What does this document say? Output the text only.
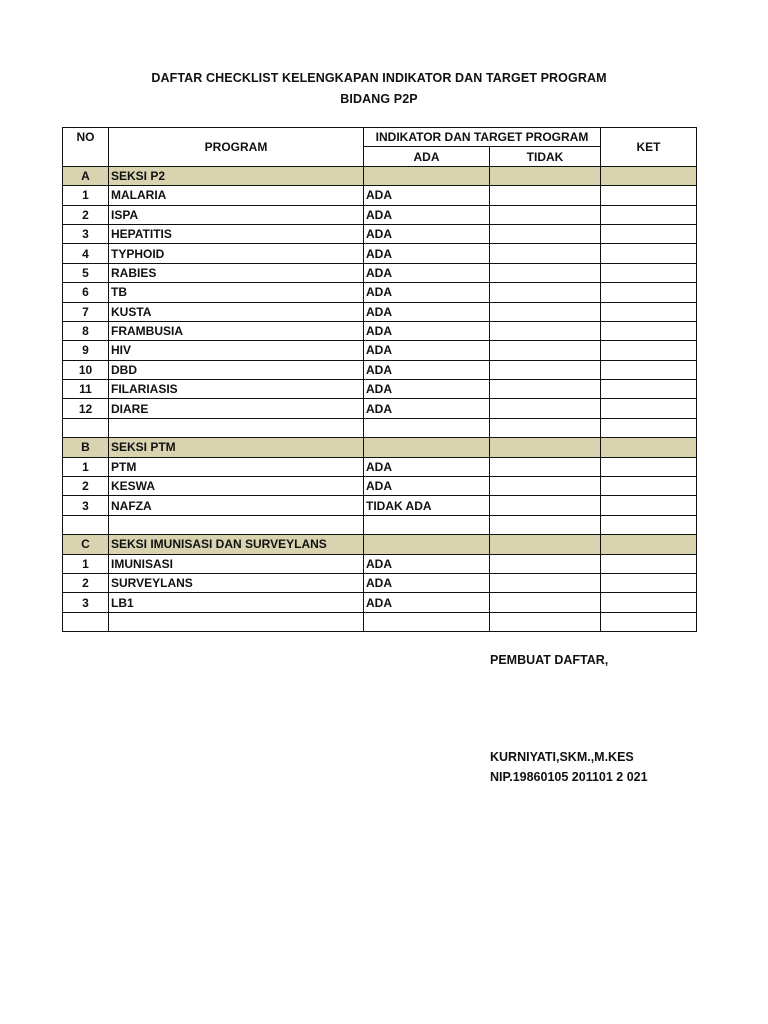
DAFTAR CHECKLIST KELENGKAPAN INDIKATOR DAN TARGET PROGRAM
BIDANG P2P
NO	PROGRAM	INDIKATOR DAN TARGET PROGRAM		KET
		ADA	TIDAK	
A	SEKSI P2			
1	MALARIA	ADA		
2	ISPA	ADA		
3	HEPATITIS	ADA		
4	TYPHOID	ADA		
5	RABIES	ADA		
6	TB	ADA		
7	KUSTA	ADA		
8	FRAMBUSIA	ADA		
9	HIV	ADA		
10	DBD	ADA		
11	FILARIASIS	ADA		
12	DIARE	ADA		

B	SEKSI PTM			
1	PTM	ADA		
2	KESWA	ADA		
3	NAFZA	TIDAK ADA		

C	SEKSI IMUNISASI DAN SURVEYLANS			
1	IMUNISASI	ADA		
2	SURVEYLANS	ADA		
3	LB1	ADA		

PEMBUAT DAFTAR,
KURNIYATI,SKM.,M.KES
NIP.19860105 201101 2 021
